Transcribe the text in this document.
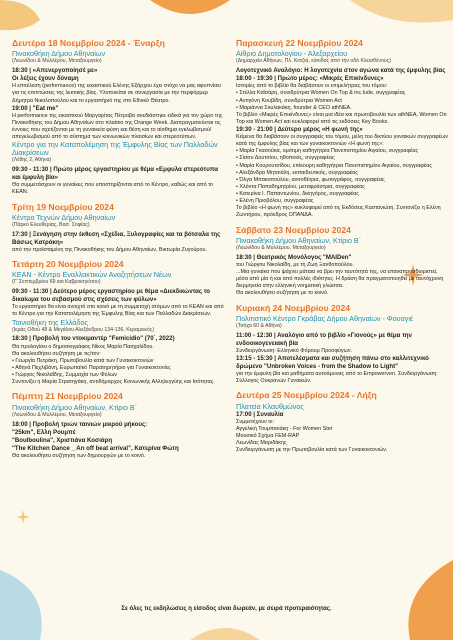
Δευτέρα 18 Νοεμβρίου 2024 - Έναρξη
Πινακοθήκη Δήμου Αθηναίων
(Λεωνίδου & Μυλλέρου, Μεταξουργείο)
18:30 | «Απενεργοποίησέ με»
Οι λέξεις έχουν δύναμη
Η επιτέλεση (performance) της εικαστικού Ελένης Εξάρχου έχει στόχο να μας αφυπνίσει για τις επιπτώσεις της λεκτικής βίας. Υλοποιείται σε συνεργασία με την περφόρμερ Δήμητρα Νικολοπούλου και το εργαστήριό της στο Εθνικό Θέατρο.
19:00 | "Eat me"
Η performance της εικαστικού Μαργαρίτας Πέτροβα σκεδιάστηκε ειδικά για τον χώρο της Πινακοθήκης του Δήμου Αθηναίων στο πλαίσιο της Orange Week. Διαπραγματεύεται τις έννοιες που σχετίζονται με τη γυναικεία φύση και θέση και το αίσθημα εγκλωβισμού/απεγκλωβισμού από το σύστημα των κοινωνικών πλαισίων και στερεοτύπων.
Κέντρο για την Καταπολέμηση της Έμφυλης Βίας των Παλλαδών Διακρίσεων
(Λέθης 2, Αθήνα)
09:30 - 11:30 | Πρώτο μέρος εργαστηρίου με θέμα «Εμφυλα στερεότυπα και έμφυλη βία»
Θα συμμετάσχουν οι γυναίκες που υποστηρίζονται από το Κέντρο, καθώς και από το ΚΕΑΝ.
Τρίτη 19 Νοεμβρίου 2024
Κέντρο Τεχνών Δήμου Αθηναίων
(Πάρκο Ελευθερίας, Βασ. Σοφίας)
17:30 | Ξενάγηση στην έκθεση «Σχέδια, Ξυλογραφίες και τα βότσαλα της Βάσως Κατράκη»
από την προϊσταμένη της Πινακοθήκης του Δήμου Αθηναίων, Βικτωρία Ζυγούρου.
Τετάρτη 20 Νοεμβρίου 2024
ΚΕΑΝ - Κέντρο Εναλλακτικών Αναζητήσεων Νέων
(Γ' Σεπτεμβρίου 69 και Καβροκηνύτου)
09:30 - 11:30 | Δεύτερο μέρος εργαστηρίου με θέμα «Διεκδικώντας το δικαίωμα του σεβασμού στις σχέσεις των φύλων»
Το εργαστήριο θα είναι ανοιχτό στο κοινό με τη συμμετοχή ατόμων από το ΚΕΑΝ και από το Κέντρο για την Καταπολέμηση της Έμφυλης Βίας και των Παλλαδών Διακρίσεων.
Ταινιοθήκη της Ελλάδος
(Ιεράς Οδού 48 & Μεγάλου Αλεξάνδρου 134-136, Κεραμεικός)
18:30 | Προβολή του ντοκιμαντέρ "Femicidio" (70΄, 2022)
Θα προλογίσει ο δημοσιογράφος Νίκος Μαρία Πασχαλίδου.
Θα ακολουθήσει συζήτηση με τις/τον:
• Γεωργία Πετράκη, Πρωτοβουλία κατά των Γυναικοκτονιών
• Αθηνά Πεχλιβάνη, Ευρωπαϊκό Παρατηρητήριο για Γυναικοκτονίες
• Γιώργος Νικολαΐδης, Συμμαχία των Φύλων
Συντονίζει η Μαρία Στρατηγάκη, αντιδήμαρχος Κοινωνικής Αλληλεγγύης και Ισότητας.
Πέμπτη 21 Νοεμβρίου 2024
Πινακοθήκη Δήμου Αθηναίων, Κτίριο Β΄
(Λεωνίδου & Μυλλέρου, Μεταξουργείο)
18:00 | Προβολή τριών ταινιών μικρού μήκους:
"25km", Ελλη Ρουμπέ
"Boulboulina", Χριστιάνα Κοσιάρη
"The Kitchen Dance _ An off beat arrival", Κατερίνα Φώτη
Θα ακολουθήσει συζήτηση των δημιουργών με το κοινό.
Παρασκευή 22 Νοεμβρίου 2024
Αίθριο Δημοτολογίου - Αλεξαρχείου
(Δημαρχείο Αθήνων, Πλ. Κοτζιά, είσοδος από την οδό Κλεισθένους)
Λογοτεχνικό Αναλόγιο: Η λογοτεχνία στον αγώνα κατά της έμφυλης βίας
18:00 - 19:30 | Πρώτο μέρος: «Μικρές Επικίνδυνες»
Ιστορίες από το βιβλίο θα διαβάσουν οι επιμελήτριες του τόμου:
• Στέλλα Καΐσάρη, συνιδρύτρια Women On Top & inc.lude, συγγραφέας
• Αντιγόνη Κουβίδη, συνιδρύτρια Women Act
• Μαριάννα Σκυλακάκη, founder & CEO athNEA.
Το βιβλίο «Μικρές Επικίνδυνες» είναι μια ιδέα και πρωτοβουλία των athNEA, Women On Top και Women Act και κυκλοφορεί από τις εκδόσεις Key Books.
19:30 - 21:00 | Δεύτερο μέρος «Η φωνή της»
Κείμενα θα διαβάσουν οι συγγραφείς του τόμου, μέλη του δικτύου γυναικών συγγραφέων κατά της έμφυλης βίας και των γυναικοκτονιών «Η φωνή της»:
• Μαρία Γκασούκα, ομότιμη καθηγήτρια Πανεπιστημίου Αιγαίου, συγγραφέας
• Σίσσυ Δουτσίου, ηθοποιός, συγγραφέας
• Μαρία Κουρουτσίδου, επίκουρη καθηγήτρια Πανεπιστημίου Αιγαίου, συγγραφέας
• Αλεξάνδρα Μητσιάλη, εκπαιδευτικός, συγγραφέας
• Όλγα Μπακοπούλου, ανιτοθέτρια, φωτογράφος, συγγραφέας
• Χλόντα Παπαδημητρίου, μεταφράστρια, συγγραφέας
• Κατερίνα Ι. Παπαντωνίου, δικηγόρος, συγγραφέας
• Ελένη Πριοβόλου, συγγραφέας
Το βιβλίο «Η φωνή της» κυκλοφορεί από τις Εκδόσεις Καστανιώτη. Συντονίζει η Ελένη Ζωντήρου, πρόεδρος ΟΠΑΝΔΑ.
Σάββατο 23 Νοεμβρίου 2024
Πινακοθήκη Δήμου Αθηναίων, Κτίριο Β΄
(Λεωνίδου & Μυλλέρου, Μεταξουργείο)
18:30 | Θεατρικός Μονόλογος "MAIDen"
του Γιώργου Νικολαΐδη, με τη Ζωή Ξανθοπούλου.
...Μια γυναίκα που ψάχνει μάταια να βρει την ταυτότητά της, να επαναπροσδιοριστεί, μέσα από μία ή και από πολλές ιδιότητες. Η δράση θα πραγματοποιηθεί με ταυτόχρονη διερμηνεία στην ελληνική νοηματική γλώσσα.
Θα ακολουθήσει συζήτηση με το κοινό.
Κυριακή 24 Νοεμβρίου 2024
Πολιτιστικό Κέντρο Γκράβας Δήμου Αθηναίων - Φουαγιέ
(Τσόχα 60 & Αθήνα)
11:00 - 12:30 | Αναλόγιο από το βιβλίο «Γιονούς» με θέμα την ενδοοικογενειακή βία
Συνδιοργάνωση: Ελληνικό Φόρουμ Προσφύγων.
13:15 - 15:30 | Αποτελέσματα και συζήτηση πάνω στο καλλιτεχνικό δρώμενο "Unbroken Voices - from the Shadow to Light"
για την έμφυλη βία και μαθήματα αυτοάμυνας από το Empowerven. Συνδιοργάνωση: Σύλλογος Ουκρανών Γυναικών.
Δευτέρα 25 Νοεμβρίου 2024 - Λήξη
Πλατεία Κλαυθμώνος
17:00 | Συναυλία
Συμμετέχουν οι:
Αγγελική Τουμπανάκη - For Women Stet
Μουσικό Σχήμα FEM-RAP
Λεωνίδας Μαριδάκης
Συνδιοργάνωση με την Πρωτοβουλία κατά των Γυναικοκτονιών.
Σε όλες τις εκδηλώσεις η είσοδος είναι δωρεάν, με σειρά προτεραιότητας.
